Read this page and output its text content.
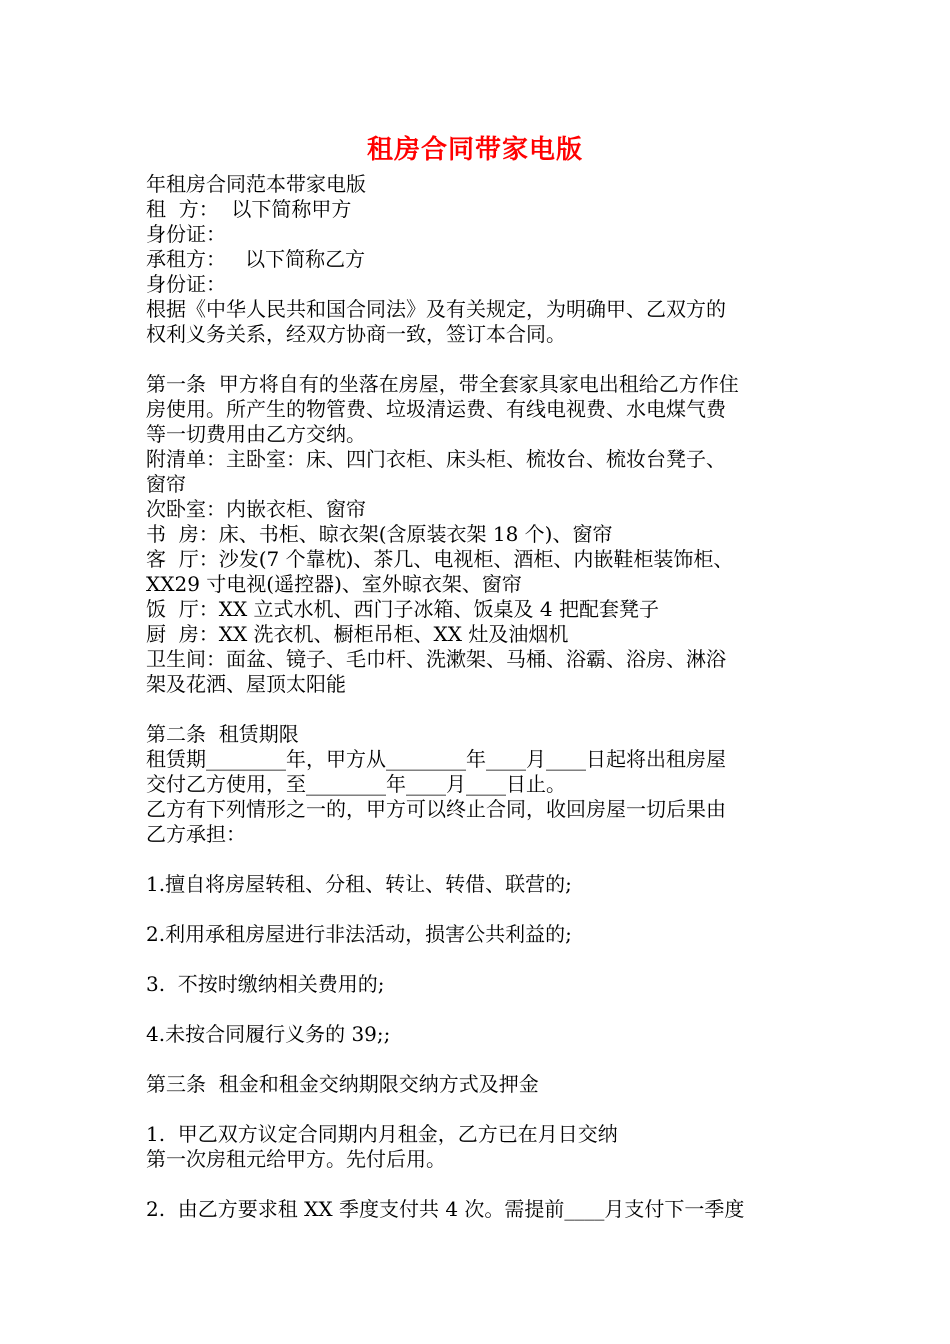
租房合同带家电版
年租房合同范本带家电版
租  方：  以下简称甲方
身份证：
承租方：   以下简称乙方
身份证：
根据《中华人民共和国合同法》及有关规定，为明确甲、乙双方的
权利义务关系，经双方协商一致，签订本合同。
第一条  甲方将自有的坐落在房屋，带全套家具家电出租给乙方作住
房使用。所产生的物管费、垃圾清运费、有线电视费、水电煤气费
等一切费用由乙方交纳。
附清单：主卧室：床、四门衣柜、床头柜、梳妆台、梳妆台凳子、
窗帘
次卧室：内嵌衣柜、窗帘
书  房：床、书柜、晾衣架(含原装衣架 18 个)、窗帘
客  厅：沙发(7 个靠枕)、茶几、电视柜、酒柜、内嵌鞋柜装饰柜、
XX29 寸电视(遥控器)、室外晾衣架、窗帘
饭  厅：XX 立式水机、西门子冰箱、饭桌及 4 把配套凳子
厨  房：XX 洗衣机、橱柜吊柜、XX 灶及油烟机
卫生间：面盆、镜子、毛巾杆、洗漱架、马桶、浴霸、浴房、淋浴
架及花洒、屋顶太阳能
第二条  租赁期限
租赁期________年，甲方从________年____月____日起将出租房屋
交付乙方使用，至________年____月____日止。
乙方有下列情形之一的，甲方可以终止合同，收回房屋一切后果由
乙方承担：
1.擅自将房屋转租、分租、转让、转借、联营的;
2.利用承租房屋进行非法活动，损害公共利益的;
3.  不按时缴纳相关费用的;
4.未按合同履行义务的 39;;
第三条  租金和租金交纳期限交纳方式及押金
1.  甲乙双方议定合同期内月租金，乙方已在月日交纳
第一次房租元给甲方。先付后用。
2.  由乙方要求租 XX 季度支付共 4 次。需提前____月支付下一季度
